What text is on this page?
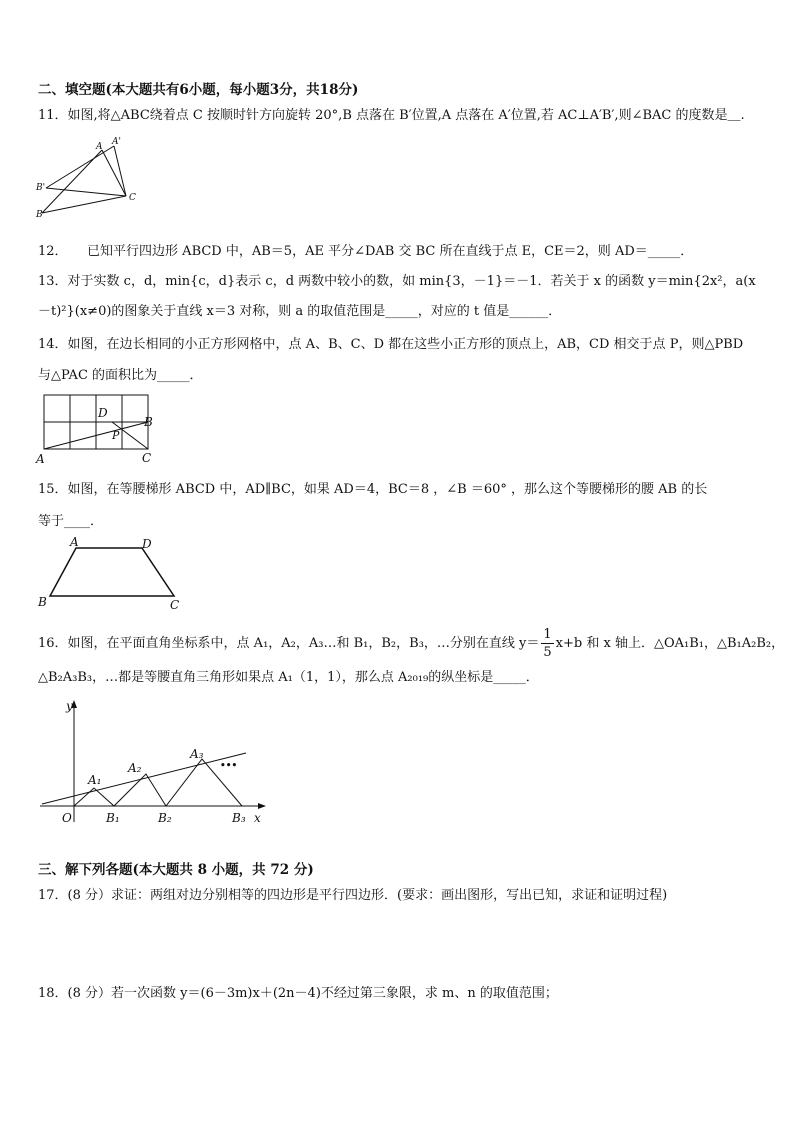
二、填空题(本大题共有6小题，每小题3分，共18分)
11．如图,将△ABC绕着点 C 按顺时针方向旋转 20°,B 点落在 B′位置,A 点落在 A′位置,若 AC⊥A′B′,则∠BAC 的度数是＿.
A A'
B'
B
C
12．　　已知平行四边形 ABCD 中，AB＝5，AE 平分∠DAB 交 BC 所在直线于点 E，CE＝2，则 AD＝_____．
13．对于实数 c，d，min{c，d}表示 c，d 两数中较小的数，如 min{3，－1}＝－1．若关于 x 的函数 y＝min{2x²，a(x
－t)²}(x≠0)的图象关于直线 x＝3 对称，则 a 的取值范围是_____，对应的 t 值是______．
14．如图，在边长相同的小正方形网格中，点 A、B、C、D 都在这些小正方形的顶点上，AB，CD 相交于点 P，则△PBD
与△PAC 的面积比为_____．
D
B
P
A	C
15．如图，在等腰梯形 ABCD 中，AD∥BC，如果 AD＝4，BC＝8 ，∠B ＝60° ，那么这个等腰梯形的腰 AB 的长
等于____．
A	D
B	C
16．如图，在平面直角坐标系中，点 A₁，A₂，A₃…和 B₁，B₂，B₃，…分别在直线 $y= \frac{1}{5} x+b$ 和 x 轴上．△OA₁B₁，△B₁A₂B₂，
△B₂A₃B₃，…都是等腰直角三角形如果点 A₁（1，1），那么点 A₂₀₁₉的纵坐标是_____．
y
x
O
A₁
A₂
A₃
B₁	B₂	B₃
•••
三、解下列各题(本大题共 8 小题，共 72 分)
17．(8 分）求证：两组对边分别相等的四边形是平行四边形．(要求：画出图形，写出已知，求证和证明过程)
18．(8 分）若一次函数 y＝(6－3m)x＋(2n－4)不经过第三象限，求 m、n 的取值范围；
